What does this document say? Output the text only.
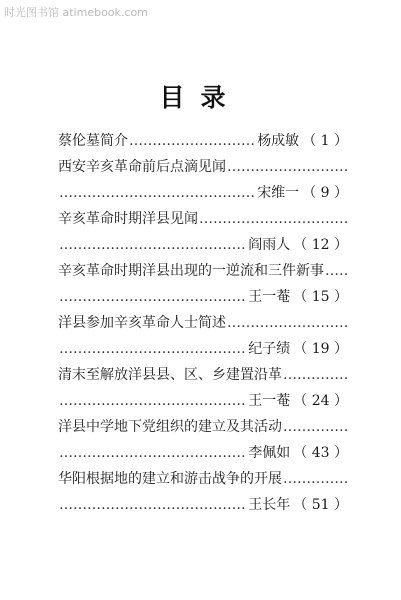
时光图书馆 atimebook.com
目录
蔡伦墓简介
………………………………………………………………………………………………………	杨成敏 （ 1 ）
西安辛亥革命前后点滴见闻
………………………………………………………………………………………………………
………………………………………………………………………………………………………
宋维一 （ 9 ）
辛亥革命时期洋县见闻
………………………………………………………………………………………………………
………………………………………………………………………………………………………
阎雨人 （ 12 ）
辛亥革命时期洋县出现的一逆流和三件新事
………………………………………………………………………………………………………
………………………………………………………………………………………………………
王一菴 （ 15 ）
洋县参加辛亥革命人士简述
………………………………………………………………………………………………………
………………………………………………………………………………………………………
纪子绩 （ 19 ）
清末至解放洋县县、区、乡建置沿革
………………………………………………………………………………………………………
………………………………………………………………………………………………………
王一菴 （ 24 ）
洋县中学地下党组织的建立及其活动
………………………………………………………………………………………………………
………………………………………………………………………………………………………
李佩如 （ 43 ）
华阳根据地的建立和游击战争的开展
………………………………………………………………………………………………………
………………………………………………………………………………………………………
王长年 （ 51 ）
